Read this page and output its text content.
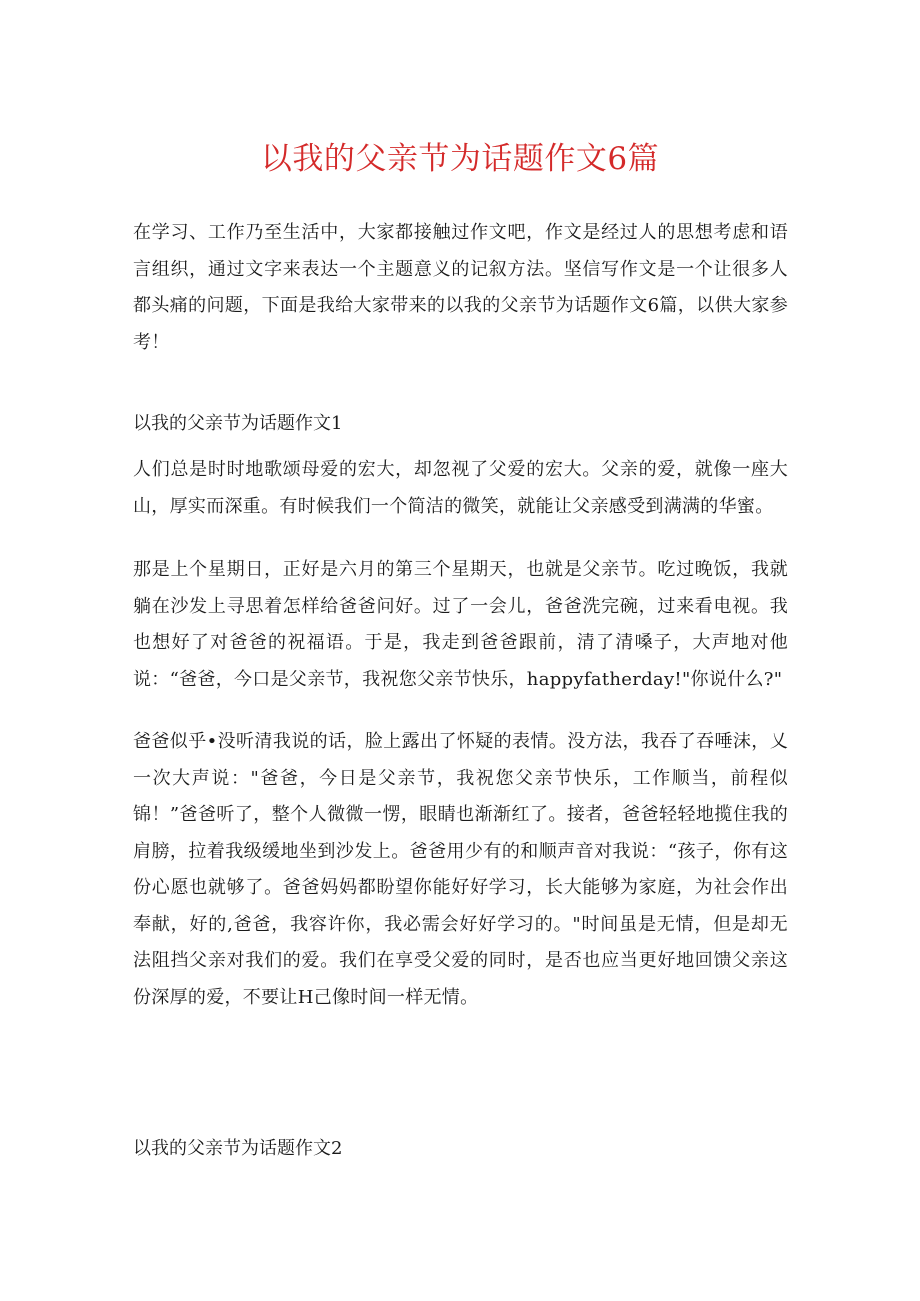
以我的父亲节为话题作文6篇
在学习、工作乃至生活中，大家都接触过作文吧，作文是经过人的思想考虑和语言组织，通过文字来表达一个主题意义的记叙方法。坚信写作文是一个让很多人都头痛的问题，下面是我给大家带来的以我的父亲节为话题作文6篇，以供大家参考！
以我的父亲节为话题作文1
人们总是时时地歌颂母爱的宏大，却忽视了父爱的宏大。父亲的爱，就像一座大山，厚实而深重。有时候我们一个简洁的微笑，就能让父亲感受到满满的华蜜。
那是上个星期日，正好是六月的第三个星期天，也就是父亲节。吃过晚饭，我就躺在沙发上寻思着怎样给爸爸问好。过了一会儿，爸爸洗完碗，过来看电视。我也想好了对爸爸的祝福语。于是，我走到爸爸跟前，清了清嗓子，大声地对他说：“爸爸，今口是父亲节，我祝您父亲节快乐，happyfatherday!"你说什么?"
爸爸似乎•没听清我说的话，脸上露出了怀疑的表情。没方法，我吞了吞唾沫，乂一次大声说："爸爸，今日是父亲节，我祝您父亲节快乐，工作顺当，前程似锦！”爸爸听了，整个人微微一愣，眼睛也渐渐红了。接者，爸爸轻轻地揽住我的肩膀，拉着我级缓地坐到沙发上。爸爸用少有的和顺声音对我说：“孩子，你有这份心愿也就够了。爸爸妈妈都盼望你能好好学习，长大能够为家庭，为社会作出奉献，好的,爸爸，我容许你，我必需会好好学习的。"时间虽是无情，但是却无法阻挡父亲对我们的爱。我们在享受父爱的同时，是否也应当更好地回馈父亲这份深厚的爱，不要让H己像时间一样无情。
以我的父亲节为话题作文2
